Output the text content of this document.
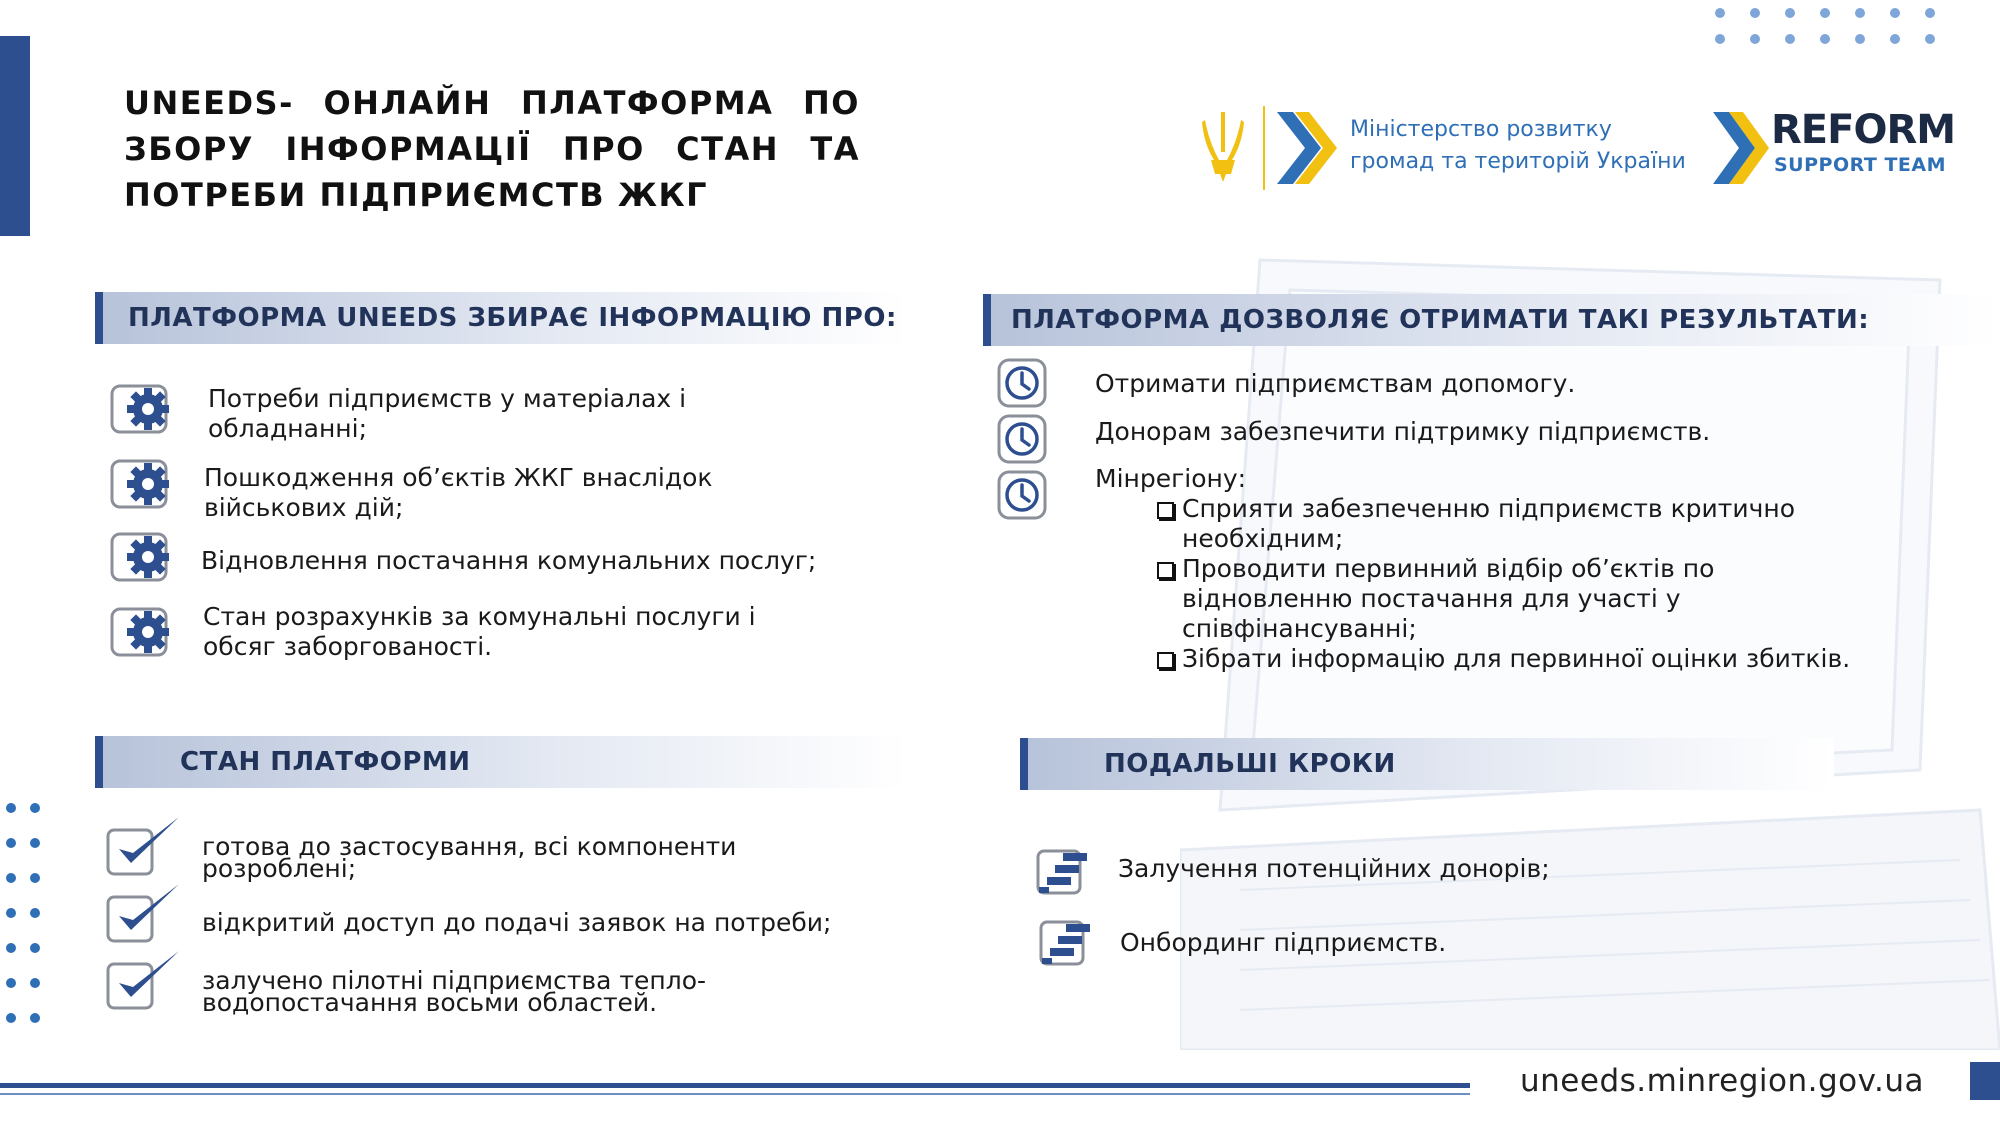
UNEEDS- ОНЛАЙН ПЛАТФОРМА ПО
ЗБОРУ ІНФОРМАЦІЇ ПРО СТАН ТА
ПОТРЕБИ ПІДПРИЄМСТВ ЖКГ
Міністерство розвитку
громад та територій України
REFORM
SUPPORT TEAM
ПЛАТФОРМА UNEEDS ЗБИРАЄ ІНФОРМАЦІЮ ПРО:
Потреби підприємств у матеріалах і обладнанні;
Пошкодження об’єктів ЖКГ внаслідок військових дій;
Відновлення постачання комунальних послуг;
Стан розрахунків за комунальні послуги і обсяг заборгованості.
ПЛАТФОРМА ДОЗВОЛЯЄ ОТРИМАТИ ТАКІ РЕЗУЛЬТАТИ:
Отримати підприємствам допомогу.
Донорам забезпечити підтримку підприємств.
Мінрегіону:
Сприяти забезпеченню підприємств критично необхідним;
Проводити первинний відбір об’єктів по відновленню постачання для участі у співфінансуванні;
Зібрати інформацію для первинної оцінки збитків.
СТАН ПЛАТФОРМИ
готова до застосування, всі компоненти розроблені;
відкритий доступ до подачі заявок на потреби;
залучено пілотні підприємства тепло- водопостачання восьми областей.
ПОДАЛЬШІ КРОКИ
Залучення потенційних донорів;
Онбординг підприємств.
uneeds.minregion.gov.ua
